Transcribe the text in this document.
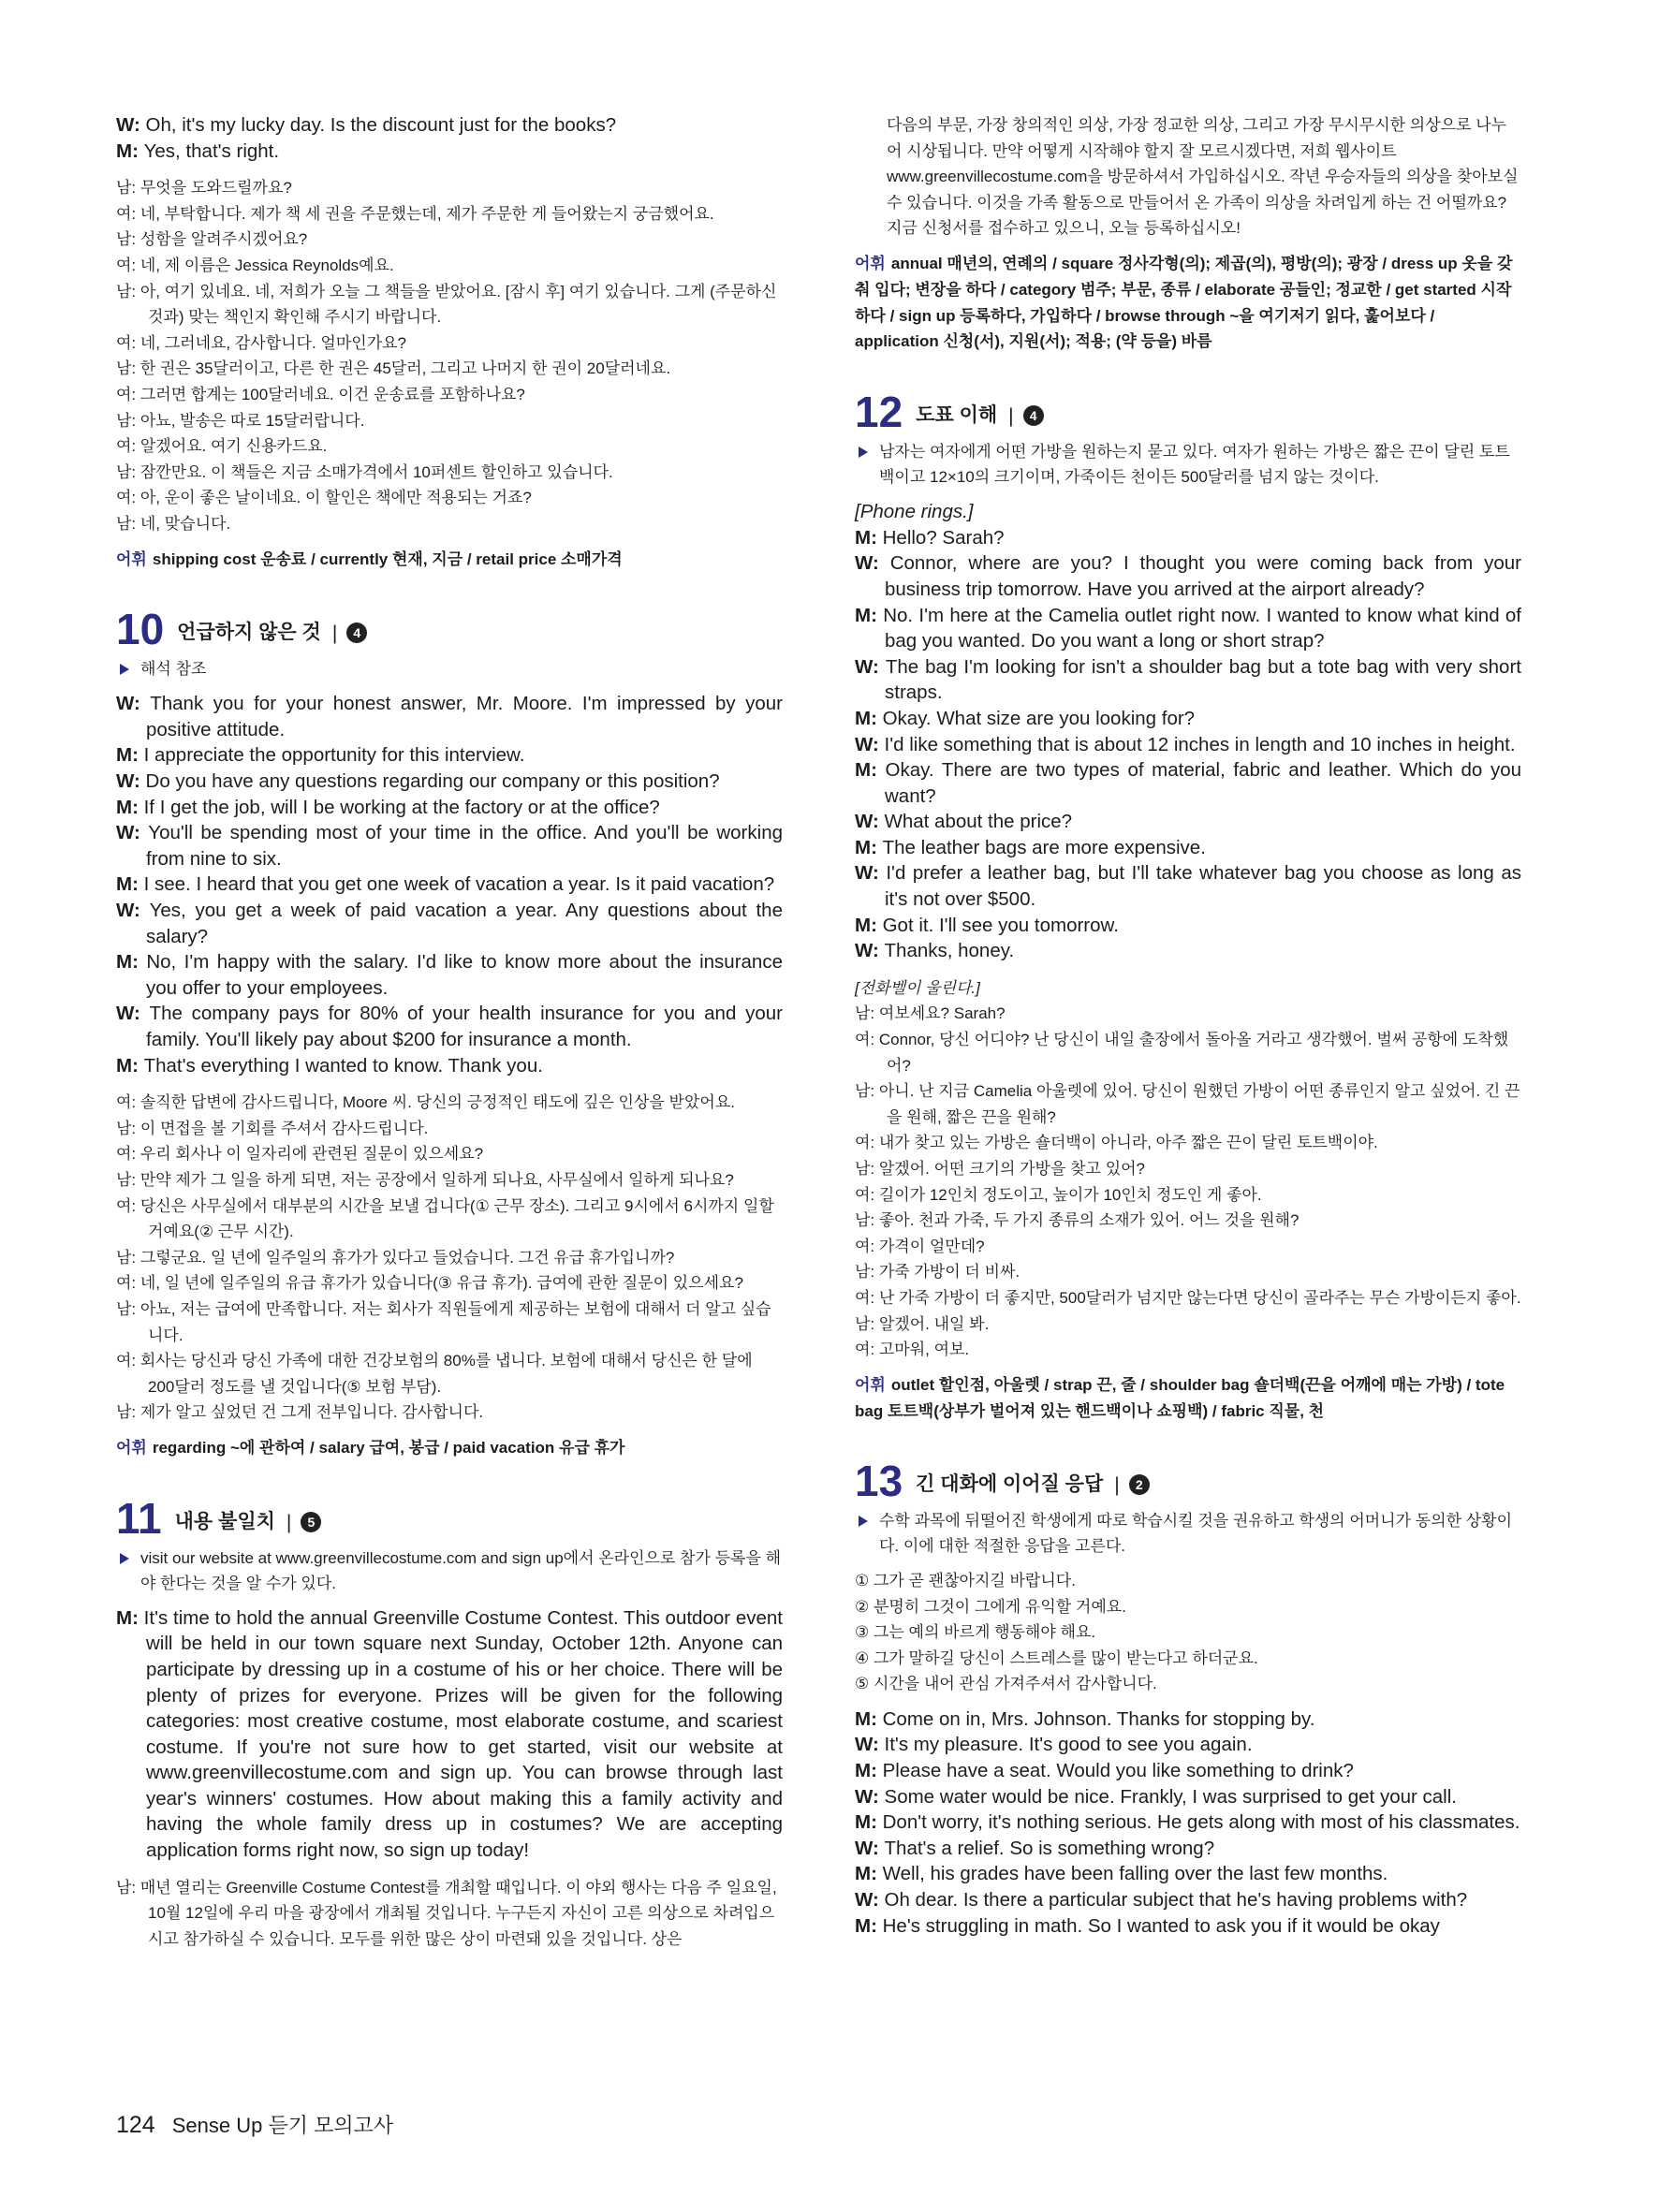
W: Oh, it's my lucky day. Is the discount just for the books?
M: Yes, that's right.
남: 무엇을 도와드릴까요?
여: 네, 부탁합니다. 제가 책 세 권을 주문했는데, 제가 주문한 게 들어왔는지 궁금했어요.
남: 성함을 알려주시겠어요?
여: 네, 제 이름은 Jessica Reynolds예요.
남: 아, 여기 있네요. 네, 저희가 오늘 그 책들을 받았어요. [잠시 후] 여기 있습니다. 그게 (주문하신 것과) 맞는 책인지 확인해 주시기 바랍니다.
여: 네, 그러네요, 감사합니다. 얼마인가요?
남: 한 권은 35달러이고, 다른 한 권은 45달러, 그리고 나머지 한 권이 20달러네요.
여: 그러면 합계는 100달러네요. 이건 운송료를 포함하나요?
남: 아뇨, 발송은 따로 15달러랍니다.
여: 알겠어요. 여기 신용카드요.
남: 잠깐만요. 이 책들은 지금 소매가격에서 10퍼센트 할인하고 있습니다.
여: 아, 운이 좋은 날이네요. 이 할인은 책에만 적용되는 거죠?
남: 네, 맞습니다.
어휘 shipping cost 운송료 / currently 현재, 지금 / retail price 소매가격
10 언급하지 않은 것 |	4
해석 참조
W: Thank you for your honest answer, Mr. Moore. I'm impressed by your positive attitude.
M: I appreciate the opportunity for this interview.
W: Do you have any questions regarding our company or this position?
M: If I get the job, will I be working at the factory or at the office?
W: You'll be spending most of your time in the office. And you'll be working from nine to six.
M: I see. I heard that you get one week of vacation a year. Is it paid vacation?
W: Yes, you get a week of paid vacation a year. Any questions about the salary?
M: No, I'm happy with the salary. I'd like to know more about the insurance you offer to your employees.
W: The company pays for 80% of your health insurance for you and your family. You'll likely pay about $200 for insurance a month.
M: That's everything I wanted to know. Thank you.
여: 솔직한 답변에 감사드립니다, Moore 씨. 당신의 긍정적인 태도에 깊은 인상을 받았어요.
남: 이 면접을 볼 기회를 주셔서 감사드립니다.
여: 우리 회사나 이 일자리에 관련된 질문이 있으세요?
남: 만약 제가 그 일을 하게 되면, 저는 공장에서 일하게 되나요, 사무실에서 일하게 되나요?
여: 당신은 사무실에서 대부분의 시간을 보낼 겁니다(① 근무 장소). 그리고 9시에서 6시까지 일할 거예요(② 근무 시간).
남: 그렇군요. 일 년에 일주일의 휴가가 있다고 들었습니다. 그건 유급 휴가입니까?
여: 네, 일 년에 일주일의 유급 휴가가 있습니다(③ 유급 휴가). 급여에 관한 질문이 있으세요?
남: 아뇨, 저는 급여에 만족합니다. 저는 회사가 직원들에게 제공하는 보험에 대해서 더 알고 싶습니다.
여: 회사는 당신과 당신 가족에 대한 건강보험의 80%를 냅니다. 보험에 대해서 당신은 한 달에 200달러 정도를 낼 것입니다(⑤ 보험 부담).
남: 제가 알고 싶었던 건 그게 전부입니다. 감사합니다.
어휘 regarding ~에 관하여 / salary 급여, 봉급 / paid vacation 유급 휴가
11 내용 불일치 |	5
visit our website at www.greenvillecostume.com and sign up에서 온라인으로 참가 등록을 해야 한다는 것을 알 수가 있다.
M: It's time to hold the annual Greenville Costume Contest. This outdoor event will be held in our town square next Sunday, October 12th. Anyone can participate by dressing up in a costume of his or her choice. There will be plenty of prizes for everyone. Prizes will be given for the following categories: most creative costume, most elaborate costume, and scariest costume. If you're not sure how to get started, visit our website at www.greenvillecostume.com and sign up. You can browse through last year's winners' costumes. How about making this a family activity and having the whole family dress up in costumes? We are accepting application forms right now, so sign up today!
남: 매년 열리는 Greenville Costume Contest를 개최할 때입니다. 이 야외 행사는 다음 주 일요일, 10월 12일에 우리 마을 광장에서 개최될 것입니다. 누구든지 자신이 고른 의상으로 차려입으시고 참가하실 수 있습니다. 모두를 위한 많은 상이 마련돼 있을 것입니다. 상은
다음의 부문, 가장 창의적인 의상, 가장 정교한 의상, 그리고 가장 무시무시한 의상으로 나누어 시상됩니다. 만약 어떻게 시작해야 할지 잘 모르시겠다면, 저희 웹사이트 www.greenvillecostume.com을 방문하셔서 가입하십시오. 작년 우승자들의 의상을 찾아보실 수 있습니다. 이것을 가족 활동으로 만들어서 온 가족이 의상을 차려입게 하는 건 어떨까요? 지금 신청서를 접수하고 있으니, 오늘 등록하십시오!
어휘 annual 매년의, 연례의 / square 정사각형(의); 제곱(의), 평방(의); 광장 / dress up 옷을 갖춰 입다; 변장을 하다 / category 범주; 부문, 종류 / elaborate 공들인; 정교한 / get started 시작하다 / sign up 등록하다, 가입하다 / browse through ~을 여기저기 읽다, 훑어보다 / application 신청(서), 지원(서); 적용; (약 등을) 바름
12 도표 이해 |	4
남자는 여자에게 어떤 가방을 원하는지 묻고 있다. 여자가 원하는 가방은 짧은 끈이 달린 토트백이고 12×10의 크기이며, 가죽이든 천이든 500달러를 넘지 않는 것이다.
[Phone rings.]
M: Hello? Sarah?
W: Connor, where are you? I thought you were coming back from your business trip tomorrow. Have you arrived at the airport already?
M: No. I'm here at the Camelia outlet right now. I wanted to know what kind of bag you wanted. Do you want a long or short strap?
W: The bag I'm looking for isn't a shoulder bag but a tote bag with very short straps.
M: Okay. What size are you looking for?
W: I'd like something that is about 12 inches in length and 10 inches in height.
M: Okay. There are two types of material, fabric and leather. Which do you want?
W: What about the price?
M: The leather bags are more expensive.
W: I'd prefer a leather bag, but I'll take whatever bag you choose as long as it's not over $500.
M: Got it. I'll see you tomorrow.
W: Thanks, honey.
[전화벨이 울린다.]
남: 여보세요? Sarah?
여: Connor, 당신 어디야? 난 당신이 내일 출장에서 돌아올 거라고 생각했어. 벌써 공항에 도착했어?
남: 아니. 난 지금 Camelia 아울렛에 있어. 당신이 원했던 가방이 어떤 종류인지 알고 싶었어. 긴 끈을 원해, 짧은 끈을 원해?
여: 내가 찾고 있는 가방은 숄더백이 아니라, 아주 짧은 끈이 달린 토트백이야.
남: 알겠어. 어떤 크기의 가방을 찾고 있어?
여: 길이가 12인치 정도이고, 높이가 10인치 정도인 게 좋아.
남: 좋아. 천과 가죽, 두 가지 종류의 소재가 있어. 어느 것을 원해?
여: 가격이 얼만데?
남: 가죽 가방이 더 비싸.
여: 난 가죽 가방이 더 좋지만, 500달러가 넘지만 않는다면 당신이 골라주는 무슨 가방이든지 좋아.
남: 알겠어. 내일 봐.
여: 고마워, 여보.
어휘 outlet 할인점, 아울렛 / strap 끈, 줄 / shoulder bag 숄더백(끈을 어깨에 매는 가방) / tote bag 토트백(상부가 벌어져 있는 핸드백이나 쇼핑백) / fabric 직물, 천
13 긴 대화에 이어질 응답 |	2
수학 과목에 뒤떨어진 학생에게 따로 학습시킬 것을 권유하고 학생의 어머니가 동의한 상황이다. 이에 대한 적절한 응답을 고른다.
① 그가 곧 괜찮아지길 바랍니다.
② 분명히 그것이 그에게 유익할 거예요.
③ 그는 예의 바르게 행동해야 해요.
④ 그가 말하길 당신이 스트레스를 많이 받는다고 하더군요.
⑤ 시간을 내어 관심 가져주셔서 감사합니다.
M: Come on in, Mrs. Johnson. Thanks for stopping by.
W: It's my pleasure. It's good to see you again.
M: Please have a seat. Would you like something to drink?
W: Some water would be nice. Frankly, I was surprised to get your call.
M: Don't worry, it's nothing serious. He gets along with most of his classmates.
W: That's a relief. So is something wrong?
M: Well, his grades have been falling over the last few months.
W: Oh dear. Is there a particular subject that he's having problems with?
M: He's struggling in math. So I wanted to ask you if it would be okay
124 Sense Up 듣기 모의고사
